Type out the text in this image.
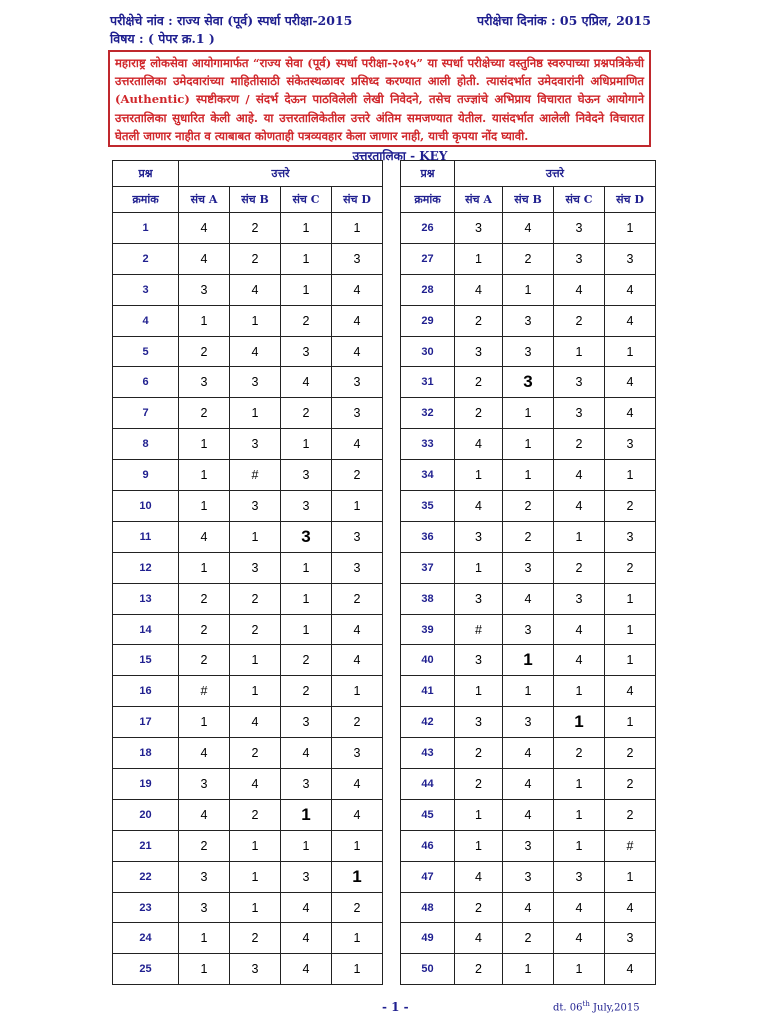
परीक्षेचे नांव : राज्य सेवा (पूर्व) स्पर्धा परीक्षा-2015	परीक्षेचा दिनांक : 05 एप्रिल, 2015
विषय : ( पेपर क्र.1 )
महाराष्ट्र लोकसेवा आयोगामार्फत “राज्य सेवा (पूर्व) स्पर्धा परीक्षा-२०१५” या स्पर्धा परीक्षेच्या वस्तुनिष्ठ स्वरुपाच्या प्रश्नपत्रिकेची उत्तरतालिका उमेदवारांच्या माहितीसाठी संकेतस्थळावर प्रसिध्द करण्यात आली होती. त्यासंदर्भात उमेदवारांनी अधिप्रमाणित (Authentic) स्पष्टीकरण / संदर्भ देऊन पाठविलेली लेखी निवेदने, तसेच तज्ज्ञांचे अभिप्राय विचारात घेऊन आयोगाने उत्तरतालिका सुधारित केली आहे. या उत्तरतालिकेतील उत्तरे अंतिम समजण्यात येतील. यासंदर्भात आलेली निवेदने विचारात घेतली जाणार नाहीत व त्याबाबत कोणताही पत्रव्यवहार केला जाणार नाही, याची कृपया नोंद घ्यावी.
उत्तरतालिका - KEY
प्रश्न	उत्तरे			
क्रमांक	संच A	संच B	संच C	संच D
1	4	2	1	1
2	4	2	1	3
3	3	4	1	4
4	1	1	2	4
5	2	4	3	4
6	3	3	4	3
7	2	1	2	3
8	1	3	1	4
9	1	#	3	2
10	1	3	3	1
11	4	1	3	3
12	1	3	1	3
13	2	2	1	2
14	2	2	1	4
15	2	1	2	4
16	#	1	2	1
17	1	4	3	2
18	4	2	4	3
19	3	4	3	4
20	4	2	1	4
21	2	1	1	1
22	3	1	3	1
23	3	1	4	2
24	1	2	4	1
25	1	3	4	1
प्रश्न	उत्तरे			
क्रमांक	संच A	संच B	संच C	संच D
26	3	4	3	1
27	1	2	3	3
28	4	1	4	4
29	2	3	2	4
30	3	3	1	1
31	2	3	3	4
32	2	1	3	4
33	4	1	2	3
34	1	1	4	1
35	4	2	4	2
36	3	2	1	3
37	1	3	2	2
38	3	4	3	1
39	#	3	4	1
40	3	1	4	1
41	1	1	1	4
42	3	3	1	1
43	2	4	2	2
44	2	4	1	2
45	1	4	1	2
46	1	3	1	#
47	4	3	3	1
48	2	4	4	4
49	4	2	4	3
50	2	1	1	4
- 1 -	dt. 06th July,2015
